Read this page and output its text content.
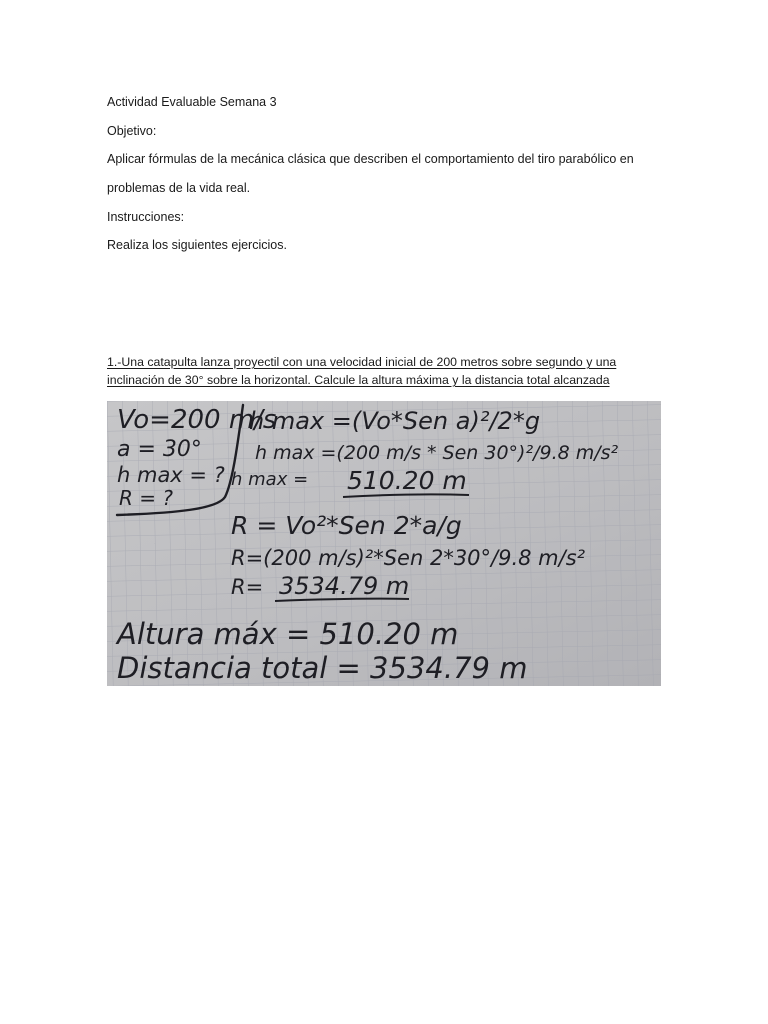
Actividad Evaluable Semana 3
Objetivo:
Aplicar fórmulas de la mecánica clásica que describen el comportamiento del tiro parabólico en
problemas de la vida real.
Instrucciones:
Realiza los siguientes ejercicios.
1.-Una catapulta lanza proyectil con una velocidad inicial de 200 metros sobre segundo y una
inclinación de 30° sobre la horizontal. Calcule la altura máxima y la distancia total alcanzada
Vo=200 m/s
a = 30°
h max = ?
R = ?
h max =(Vo*Sen a)²/2*g
h max =(200 m/s * Sen 30°)²/9.8 m/s²
h max = 510.20 m
R = Vo²*Sen 2*a/g
R=(200 m/s)²*Sen 2*30°/9.8 m/s²
R= 3534.79 m
Altura máx = 510.20 m
Distancia total = 3534.79 m
